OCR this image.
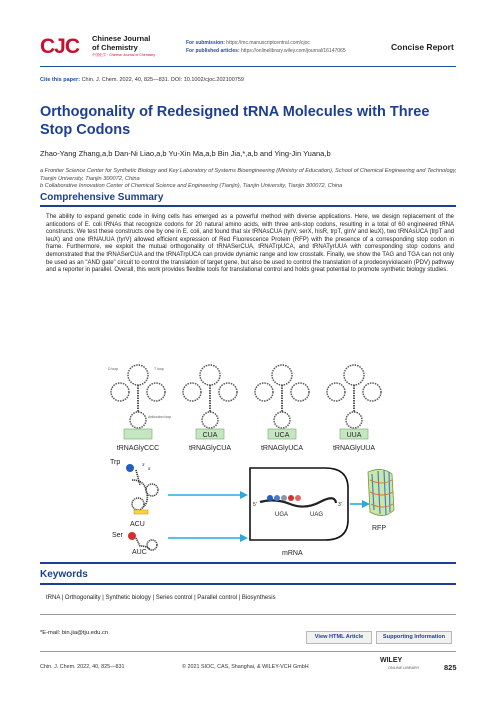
CJC	Chinese Journal
of Chemistry
中国化学 · Chinese Journal of Chemistry
For submission: https://mc.manuscriptcentral.com/cjoc
For published articles: https://onlinelibrary.wiley.com/journal/16147065	Concise Report
Cite this paper: Chin. J. Chem. 2022, 40, 825—831. DOI: 10.1002/cjoc.202100759
Orthogonality of Redesigned tRNA Molecules with Three Stop Codons
Zhao-Yang Zhang,a,b Dan-Ni Liao,a,b Yu-Xin Ma,a,b Bin Jia,*,a,b and Ying-Jin Yuana,b
a Frontier Science Center for Synthetic Biology and Key Laboratory of Systems Bioengineering (Ministry of Education), School of Chemical Engineering and Technology, Tianjin University, Tianjin 300072, China
b Collaborative Innovation Center of Chemical Science and Engineering (Tianjin), Tianjin University, Tianjin 300072, China
Comprehensive Summary
The ability to expand genetic code in living cells has emerged as a powerful method with diverse applications. Here, we design replacement of the anticodons of E. coli tRNAs that recognize codons for 20 natural amino acids, with three anti-stop codons, resulting in a total of 60 engineered tRNA constructs. We test these constructs one by one in E. coli, and found that six tRNAsCUA (tyrV, serX, hisR, trpT, glnV and leuX), two tRNAsUCA (trpT and leuX) and one tRNAUUA (tyrV) allowed efficient expression of Red Fluorescence Protein (RFP) with the presence of a corresponding stop codon in frame. Furthermore, we exploit the mutual orthogonality of tRNASerCUA, tRNATrpUCA, and tRNATyrUUA with corresponding stop codons and demonstrated that the tRNASerCUA and the tRNATrpUCA can provide dynamic range and low crosstalk. Finally, we show the TAG and TGA can not only be used as an "AND gate" circuit to control the translation of target gene, but also be used to control the translation of a prodeoxyviolacein (PDV) pathway and a reporter in parallel. Overall, this work provides flexible tools for translational control and holds great potential to promote synthetic biology studies.
CUA	UCA	UUA
D loop	T loop
Anticodon loop
tRNAGlyCCC	tRNAGlyCUA	tRNAGlyUCA	tRNAGlyUUA
Trp	3'
5'
ACU
Ser
AUC
5'	3'
UGA	UAG
mRNA
RFP
Keywords
tRNA | Orthogonality | Synthetic biology | Series control | Parallel control | Biosynthesis
*E-mail: bin.jia@tju.edu.cn
View HTML Article	Supporting Information
Chin. J. Chem. 2022, 40, 825—831	© 2021 SIOC, CAS, Shanghai, & WILEY-VCH GmbH
WILEY
ONLINE LIBRARY	825
